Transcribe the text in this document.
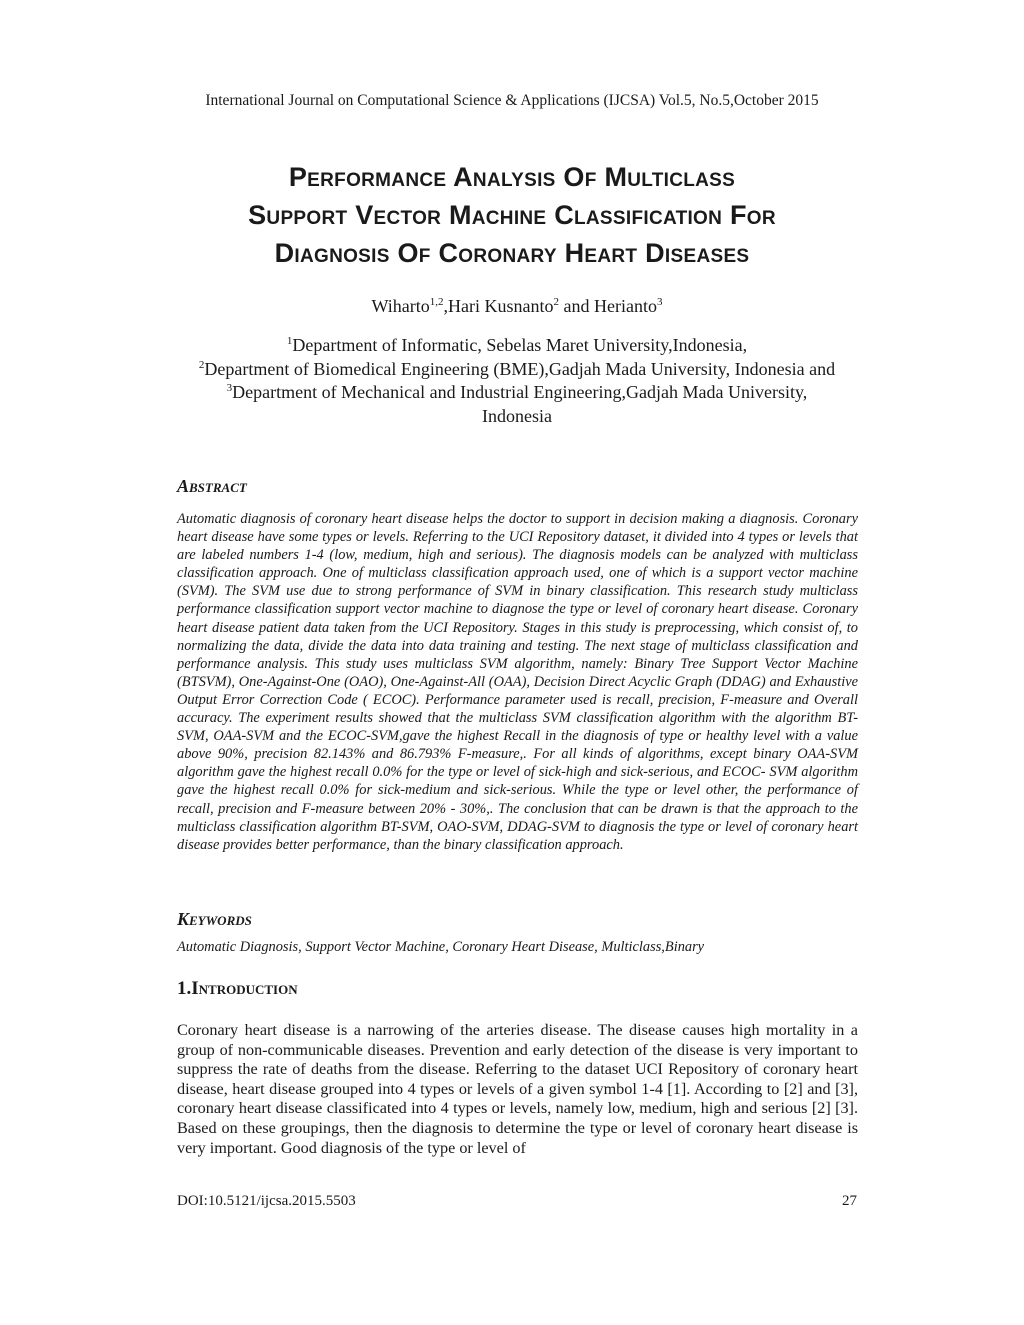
International Journal on Computational Science & Applications (IJCSA) Vol.5, No.5,October 2015
Performance Analysis Of Multiclass
Support Vector Machine Classification For
Diagnosis Of Coronary Heart Diseases
Wiharto$^{1,2}$,Hari Kusnanto$^2$ and Herianto$^3$
$^1$Department of Informatic, Sebelas Maret University,Indonesia,
$^2$Department of Biomedical Engineering (BME),Gadjah Mada University, Indonesia and
$^3$Department of Mechanical and Industrial Engineering,Gadjah Mada University,
Indonesia
Abstract
Automatic diagnosis of coronary heart disease helps the doctor to support in decision making a diagnosis. Coronary heart disease have some types or levels. Referring to the UCI Repository dataset, it divided into 4 types or levels that are labeled numbers 1-4 (low, medium, high and serious). The diagnosis models can be analyzed with multiclass classification approach. One of multiclass classification approach used, one of which is a support vector machine (SVM). The SVM use due to strong performance of SVM in binary classification. This research study multiclass performance classification support vector machine to diagnose the type or level of coronary heart disease. Coronary heart disease patient data taken from the UCI Repository. Stages in this study is preprocessing, which consist of, to normalizing the data, divide the data into data training and testing. The next stage of multiclass classification and performance analysis. This study uses multiclass SVM algorithm, namely: Binary Tree Support Vector Machine (BTSVM), One-Against-One (OAO), One-Against-All (OAA), Decision Direct Acyclic Graph (DDAG) and Exhaustive Output Error Correction Code ( ECOC). Performance parameter used is recall, precision, F-measure and Overall accuracy. The experiment results showed that the multiclass SVM classification algorithm with the algorithm BT-SVM, OAA-SVM and the ECOC-SVM,gave the highest Recall in the diagnosis of type or healthy level with a value above 90%, precision 82.143% and 86.793% F-measure,. For all kinds of algorithms, except binary OAA-SVM algorithm gave the highest recall 0.0% for the type or level of sick-high and sick-serious, and ECOC- SVM algorithm gave the highest recall 0.0% for sick-medium and sick-serious. While the type or level other, the performance of recall, precision and F-measure between 20% - 30%,. The conclusion that can be drawn is that the approach to the multiclass classification algorithm BT-SVM, OAO-SVM, DDAG-SVM to diagnosis the type or level of coronary heart disease provides better performance, than the binary classification approach.
Keywords
Automatic Diagnosis, Support Vector Machine, Coronary Heart Disease, Multiclass,Binary
1.Introduction
Coronary heart disease is a narrowing of the arteries disease. The disease causes high mortality in a group of non-communicable diseases. Prevention and early detection of the disease is very important to suppress the rate of deaths from the disease. Referring to the dataset UCI Repository of coronary heart disease, heart disease grouped into 4 types or levels of a given symbol 1-4 [1]. According to [2] and [3], coronary heart disease classificated into 4 types or levels, namely low, medium, high and serious [2] [3]. Based on these groupings, then the diagnosis to determine the type or level of coronary heart disease is very important. Good diagnosis of the type or level of
DOI:10.5121/ijcsa.2015.5503	27
